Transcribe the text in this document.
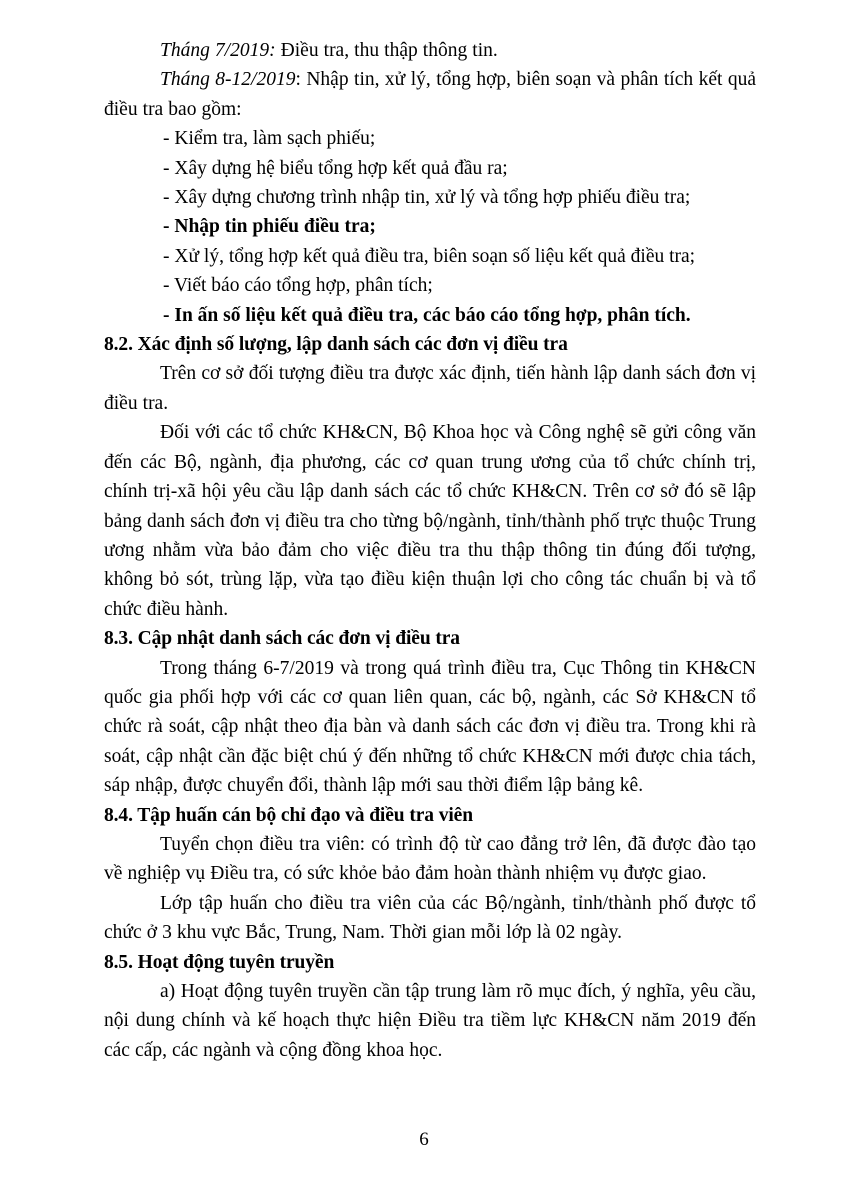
Tháng 7/2019: Điều tra, thu thập thông tin.

Tháng 8-12/2019: Nhập tin, xử lý, tổng hợp, biên soạn và phân tích kết quả điều tra bao gồm:

- Kiểm tra, làm sạch phiếu;
- Xây dựng hệ biểu tổng hợp kết quả đầu ra;
- Xây dựng chương trình nhập tin, xử lý và tổng hợp phiếu điều tra;
- Nhập tin phiếu điều tra;
- Xử lý, tổng hợp kết quả điều tra, biên soạn số liệu kết quả điều tra;
- Viết báo cáo tổng hợp, phân tích;
- In ấn số liệu kết quả điều tra, các báo cáo tổng hợp, phân tích.
8.2. Xác định số lượng, lập danh sách các đơn vị điều tra

Trên cơ sở đối tượng điều tra được xác định, tiến hành lập danh sách đơn vị điều tra.

Đối với các tổ chức KH&CN, Bộ Khoa học và Công nghệ sẽ gửi công văn đến các Bộ, ngành, địa phương, các cơ quan trung ương của tổ chức chính trị, chính trị-xã hội yêu cầu lập danh sách các tổ chức KH&CN. Trên cơ sở đó sẽ lập bảng danh sách đơn vị điều tra cho từng bộ/ngành, tỉnh/thành phố trực thuộc Trung ương nhằm vừa bảo đảm cho việc điều tra thu thập thông tin đúng đối tượng, không bỏ sót, trùng lặp, vừa tạo điều kiện thuận lợi cho công tác chuẩn bị và tổ chức điều hành.

8.3. Cập nhật danh sách các đơn vị điều tra

Trong tháng 6-7/2019 và trong quá trình điều tra, Cục Thông tin KH&CN quốc gia phối hợp với các cơ quan liên quan, các bộ, ngành, các Sở KH&CN tổ chức rà soát, cập nhật theo địa bàn và danh sách các đơn vị điều tra. Trong khi rà soát, cập nhật cần đặc biệt chú ý đến những tổ chức KH&CN mới được chia tách, sáp nhập, được chuyển đổi, thành lập mới sau thời điểm lập bảng kê.

8.4. Tập huấn cán bộ chỉ đạo và điều tra viên

Tuyển chọn điều tra viên: có trình độ từ cao đẳng trở lên, đã được đào tạo về nghiệp vụ Điều tra, có sức khỏe bảo đảm hoàn thành nhiệm vụ được giao.

Lớp tập huấn cho điều tra viên của các Bộ/ngành, tỉnh/thành phố được tổ chức ở 3 khu vực Bắc, Trung, Nam. Thời gian mỗi lớp là 02 ngày.

8.5. Hoạt động tuyên truyền

a) Hoạt động tuyên truyền cần tập trung làm rõ mục đích, ý nghĩa, yêu cầu, nội dung chính và kế hoạch thực hiện Điều tra tiềm lực KH&CN năm 2019 đến các cấp, các ngành và cộng đồng khoa học.

6
